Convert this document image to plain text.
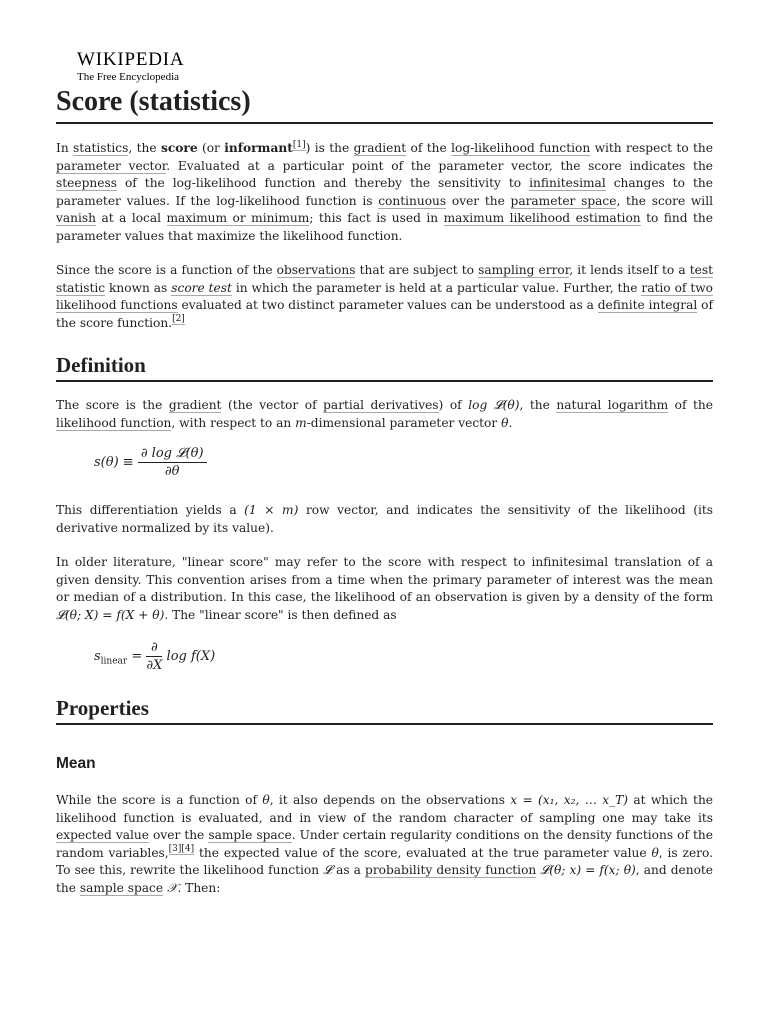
WIKIPEDIA
The Free Encyclopedia
Score (statistics)

In statistics, the score (or informant[1]) is the gradient of the log-likelihood function with respect to the parameter vector. Evaluated at a particular point of the parameter vector, the score indicates the steepness of the log-likelihood function and thereby the sensitivity to infinitesimal changes to the parameter values. If the log-likelihood function is continuous over the parameter space, the score will vanish at a local maximum or minimum; this fact is used in maximum likelihood estimation to find the parameter values that maximize the likelihood function.

Since the score is a function of the observations that are subject to sampling error, it lends itself to a test statistic known as score test in which the parameter is held at a particular value. Further, the ratio of two likelihood functions evaluated at two distinct parameter values can be understood as a definite integral of the score function.[2]

Definition

The score is the gradient (the vector of partial derivatives) of log 𝓛(θ), the natural logarithm of the likelihood function, with respect to an m-dimensional parameter vector θ.

$s(\theta) \equiv \frac{\text{∂ log 𝓛(θ)}}{\partial\theta}$

This differentiation yields a (1 × m) row vector, and indicates the sensitivity of the likelihood (its derivative normalized by its value).

In older literature, "linear score" may refer to the score with respect to infinitesimal translation of a given density. This convention arises from a time when the primary parameter of interest was the mean or median of a distribution. In this case, the likelihood of an observation is given by a density of the form 𝓛(θ; X) = f(X + θ). The "linear score" is then defined as

$s_{linear} = \frac{\partial}{\partial X}$ log f(X)
Properties
Mean

While the score is a function of θ, it also depends on the observations x = (x₁, x₂, … x_T) at which the likelihood function is evaluated, and in view of the random character of sampling one may take its expected value over the sample space. Under certain regularity conditions on the density functions of the random variables,[3][4] the expected value of the score, evaluated at the true parameter value θ, is zero. To see this, rewrite the likelihood function 𝓛 as a probability density function 𝓛(θ; x) = f(x; θ), and denote the sample space 𝒳. Then:
